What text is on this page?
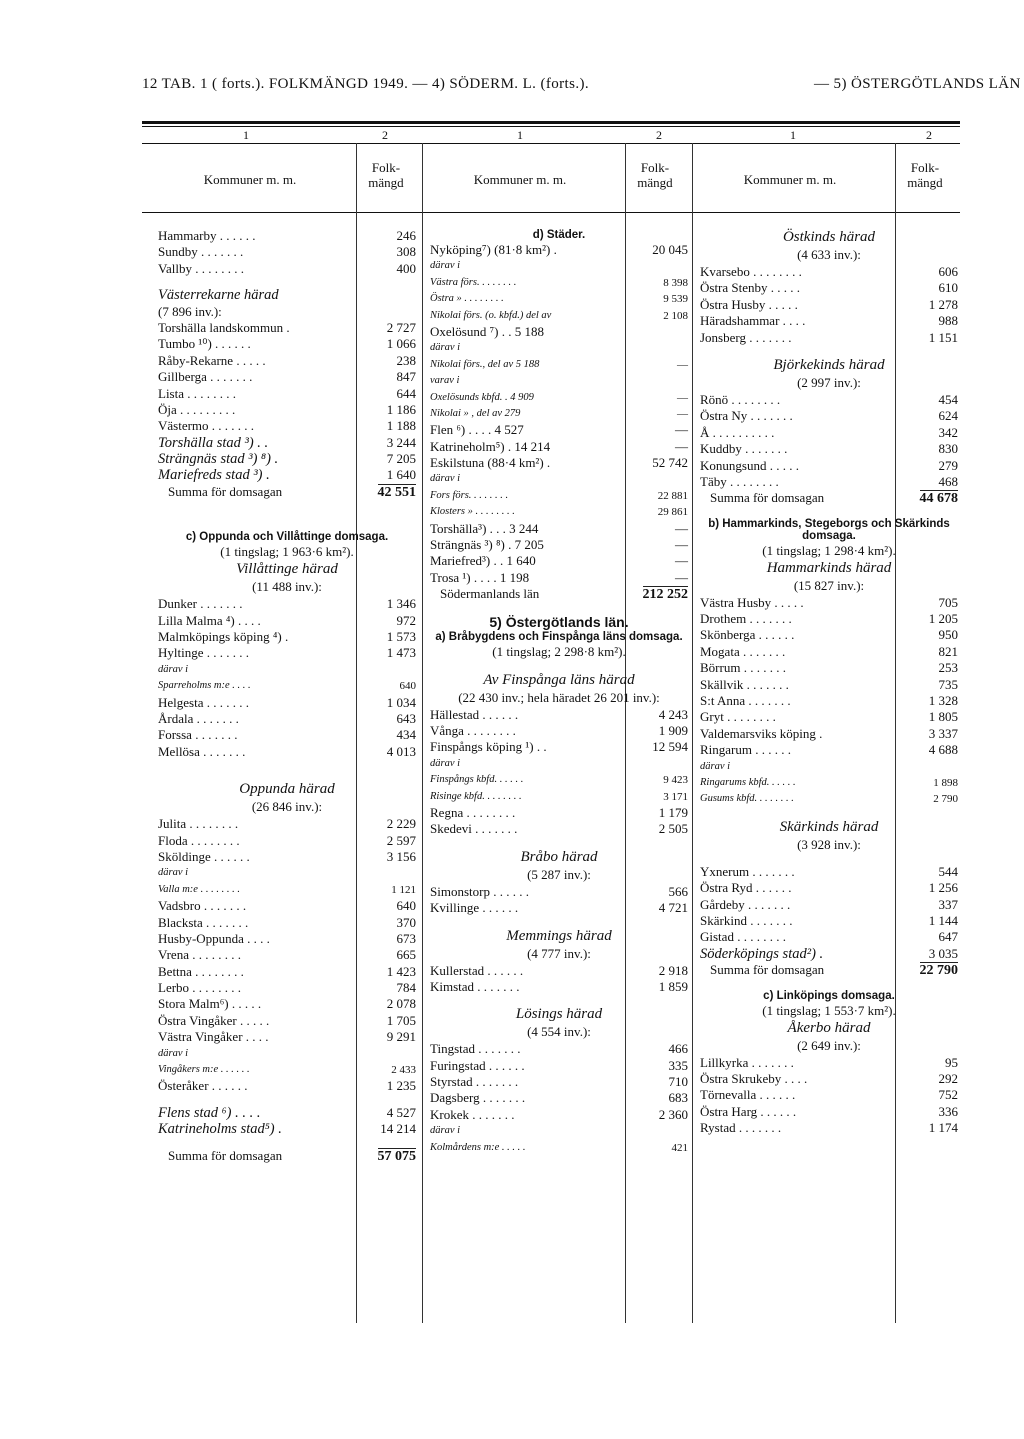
12 TAB. 1 ( forts.). FOLKMÄNGD 1949. — 4) SÖDERM. L. (forts.).	— 5) ÖSTERGÖTLANDS LÄN
1	2	1	2	1	2
Kommuner m. m.
Folk-
mängd	Kommuner m. m.
Folk-
mängd	Kommuner m. m.
Folk-
mängd
Hammarby . . . . . .	246
Sundby . . . . . . .	308
Vallby . . . . . . . .	400
Västerrekarne härad
(7 896 inv.):
Torshälla landskommun .	2 727
Tumbo ¹⁰) . . . . . .	1 066
Råby-Rekarne . . . . .	238
Gillberga . . . . . . .	847
Lista . . . . . . . .	644
Öja . . . . . . . . .	1 186
Västermo . . . . . . .	1 188
Torshälla stad ³) . .	3 244
Strängnäs stad ³) ⁸) .	7 205
Mariefreds stad ³) .	1 640
Summa för domsagan	42 551
c) Oppunda och Villåttinge domsaga.
(1 tingslag; 1 963·6 km²).
Villåttinge härad
(11 488 inv.):
Dunker . . . . . . .	1 346
Lilla Malma ⁴) . . . .	972
Malmköpings köping ⁴) .	1 573
Hyltinge . . . . . . .	1 473
därav i
Sparreholms m:e . . . .	640
Helgesta . . . . . . .	1 034
Årdala . . . . . . .	643
Forssa . . . . . . .	434
Mellösa . . . . . . .	4 013
Oppunda härad
(26 846 inv.):
Julita . . . . . . . .	2 229
Floda . . . . . . . .	2 597
Sköldinge . . . . . .	3 156
därav i
Valla m:e . . . . . . . .	1 121
Vadsbro . . . . . . .	640
Blacksta . . . . . . .	370
Husby-Oppunda . . . .	673
Vrena . . . . . . . .	665
Bettna . . . . . . . .	1 423
Lerbo . . . . . . . .	784
Stora Malm⁶) . . . . .	2 078
Östra Vingåker . . . . .	1 705
Västra Vingåker . . . .	9 291
därav i
Vingåkers m:e . . . . . .	2 433
Österåker . . . . . .	1 235
Flens stad ⁶) . . . .	4 527
Katrineholms stad⁵) .	14 214
Summa för domsagan	57 075
d) Städer.
Nyköping⁷) (81·8 km²) .	20 045
därav i
Västra förs. . . . . . . .	8 398
Östra » . . . . . . . .	9 539
Nikolai förs. (o. kbfd.) del av	2 108
Oxelösund ⁷) . . 5 188
därav i
Nikolai förs., del av 5 188	—
varav i
Oxelösunds kbfd. . 4 909	—
Nikolai » , del av 279	—
Flen ⁶) . . . . 4 527	—
Katrineholm⁵) . 14 214	—
Eskilstuna (88·4 km²) .	52 742
därav i
Fors förs. . . . . . . .	22 881
Klosters » . . . . . . . .	29 861
Torshälla³) . . . 3 244	—
Strängnäs ³) ⁸) . 7 205	—
Mariefred³) . . 1 640	—
Trosa ¹) . . . . 1 198	—
Södermanlands län	212 252
5) Östergötlands län.
a) Bråbygdens och Finspånga läns domsaga.
(1 tingslag; 2 298·8 km²).
Av Finspånga läns härad
(22 430 inv.; hela häradet 26 201 inv.):
Hällestad . . . . . .	4 243
Vånga . . . . . . . .	1 909
Finspångs köping ¹) . .	12 594
därav i
Finspångs kbfd. . . . . .	9 423
Risinge kbfd. . . . . . . .	3 171
Regna . . . . . . . .	1 179
Skedevi . . . . . . .	2 505
Bråbo härad
(5 287 inv.):
Simonstorp . . . . . .	566
Kvillinge . . . . . .	4 721
Memmings härad
(4 777 inv.):
Kullerstad . . . . . .	2 918
Kimstad . . . . . . .	1 859
Lösings härad
(4 554 inv.):
Tingstad . . . . . . .	466
Furingstad . . . . . .	335
Styrstad . . . . . . .	710
Dagsberg . . . . . . .	683
Krokek . . . . . . .	2 360
därav i
Kolmårdens m:e . . . . .	421
Östkinds härad
(4 633 inv.):
Kvarsebo . . . . . . . .	606
Östra Stenby . . . . .	610
Östra Husby . . . . .	1 278
Häradshammar . . . .	988
Jonsberg . . . . . . .	1 151
Björkekinds härad
(2 997 inv.):
Rönö . . . . . . . .	454
Östra Ny . . . . . . .	624
Å . . . . . . . . . .	342
Kuddby . . . . . . .	830
Konungsund . . . . .	279
Täby . . . . . . . .	468
Summa för domsagan	44 678
b) Hammarkinds, Stegeborgs och Skärkinds domsaga.
(1 tingslag; 1 298·4 km²).
Hammarkinds härad
(15 827 inv.):
Västra Husby . . . . .	705
Drothem . . . . . . .	1 205
Skönberga . . . . . .	950
Mogata . . . . . . .	821
Börrum . . . . . . .	253
Skällvik . . . . . . .	735
S:t Anna . . . . . . .	1 328
Gryt . . . . . . . .	1 805
Valdemarsviks köping .	3 337
Ringarum . . . . . .	4 688
därav i
Ringarums kbfd. . . . . .	1 898
Gusums kbfd. . . . . . . .	2 790
Skärkinds härad
(3 928 inv.):
Yxnerum . . . . . . .	544
Östra Ryd . . . . . .	1 256
Gårdeby . . . . . . .	337
Skärkind . . . . . . .	1 144
Gistad . . . . . . . .	647
Söderköpings stad²) .	3 035
Summa för domsagan	22 790
c) Linköpings domsaga.
(1 tingslag; 1 553·7 km²).
Åkerbo härad
(2 649 inv.):
Lillkyrka . . . . . . .	95
Östra Skrukeby . . . .	292
Törnevalla . . . . . .	752
Östra Harg . . . . . .	336
Rystad . . . . . . .	1 174
